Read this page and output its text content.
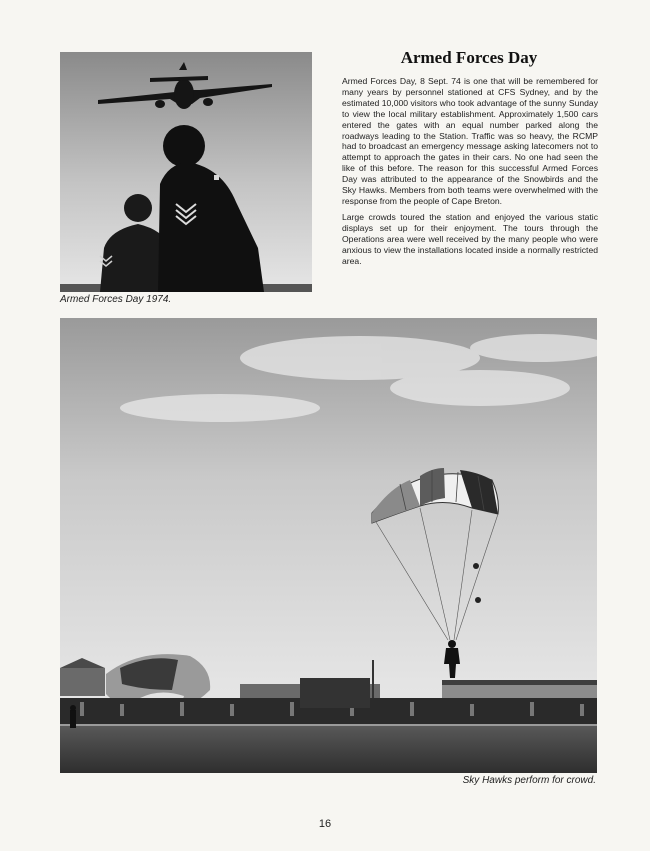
Armed Forces Day 1974.
Armed Forces Day

Armed Forces Day, 8 Sept. 74 is one that will be remembered for many years by personnel stationed at CFS Sydney, and by the estimated 10,000 visitors who took advantage of the sunny Sunday to view the local military establishment. Approximately 1,500 cars entered the gates with an equal number parked along the roadways leading to the Station. Traffic was so heavy, the RCMP had to broadcast an emergency message asking latecomers not to attempt to approach the gates in their cars. No one had seen the like of this before. The reason for this successful Armed Forces Day was attributed to the appearance of the Snowbirds and the Sky Hawks. Members from both teams were overwhelmed with the response from the people of Cape Breton.

Large crowds toured the station and enjoyed the various static displays set up for their enjoyment. The tours through the Operations area were well received by the many people who were anxious to view the installations located inside a normally restricted area.

Sky Hawks perform for crowd.
16
